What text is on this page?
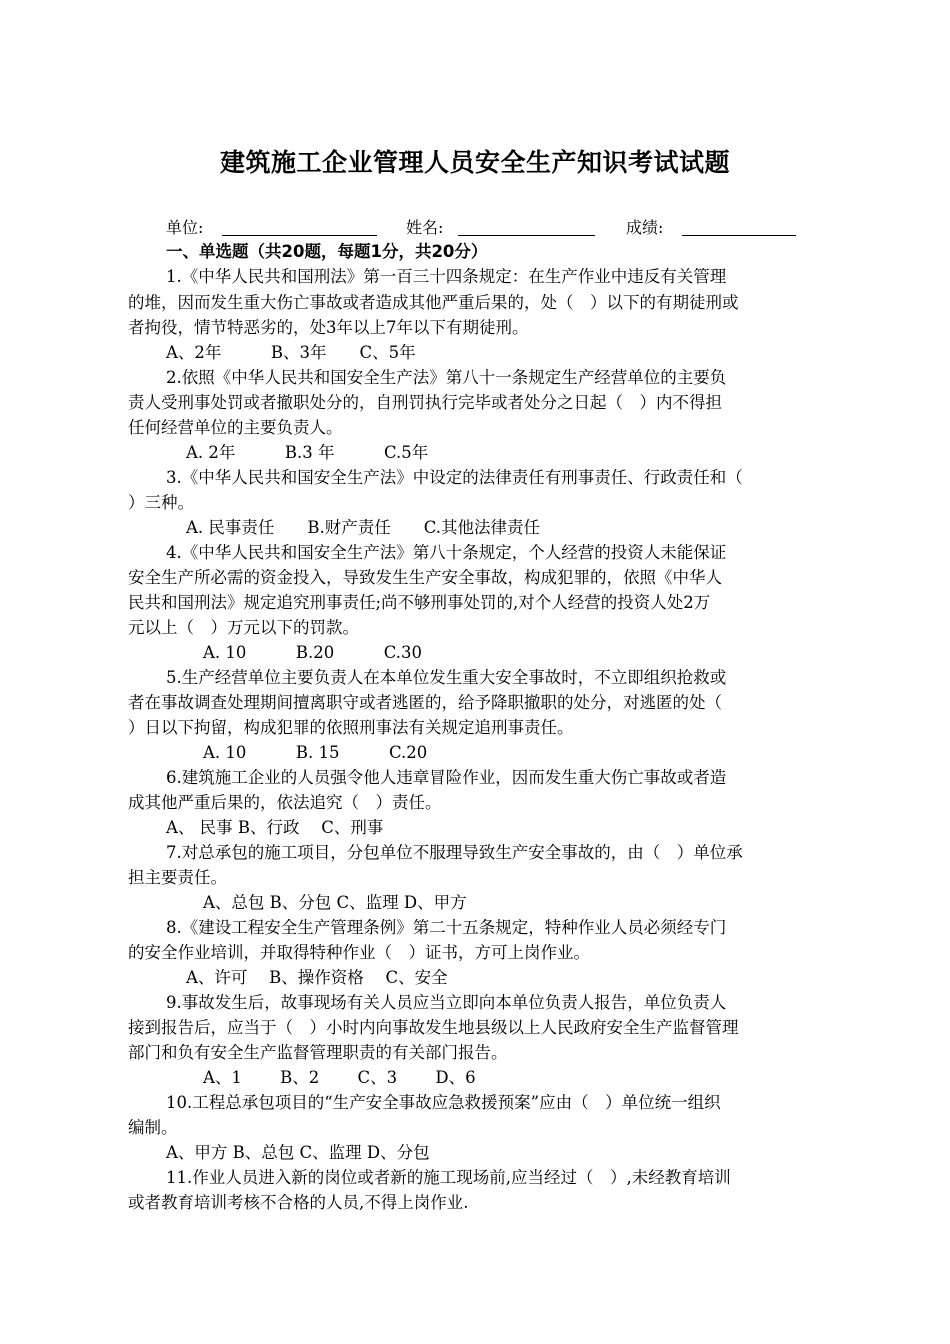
建筑施工企业管理人员安全生产知识考试试题
单位:	姓名:	成绩:
一、单选题（共20题，每题1分，共20分）
1.《中华人民共和国刑法》第一百三十四条规定：在生产作业中违反有关管理
的堆，因而发生重大伤亡事故或者造成其他严重后果的，处（　）以下的有期徒刑或
者拘役，情节特恶劣的，处3年以上7年以下有期徒刑。
A、2年　　　B、3年　　C、5年
2.依照《中华人民共和国安全生产法》第八十一条规定生产经营单位的主要负
责人受刑事处罚或者撤职处分的，自刑罚执行完毕或者处分之日起（　）内不得担
任何经营单位的主要负责人。
A. 2年　　　B.3 年　　　C.5年
3.《中华人民共和国安全生产法》中设定的法律责任有刑事责任、行政责任和（
）三种。
A. 民事责任　　B.财产责任　　C.其他法律责任
4.《中华人民共和国安全生产法》第八十条规定，个人经营的投资人未能保证
安全生产所必需的资金投入，导致发生生产安全事故，构成犯罪的，依照《中华人
民共和国刑法》规定追究刑事责任;尚不够刑事处罚的,对个人经营的投资人处2万
元以上（　）万元以下的罚款。
A. 10　　　B.20　　　C.30
5.生产经营单位主要负责人在本单位发生重大安全事故时，不立即组织抢救或
者在事故调查处理期间擅离职守或者逃匿的，给予降职撤职的处分，对逃匿的处（
）日以下拘留，构成犯罪的依照刑事法有关规定追刑事责任。
A. 10　　　B. 15　　　C.20
6.建筑施工企业的人员强令他人违章冒险作业，因而发生重大伤亡事故或者造
成其他严重后果的，依法追究（　）责任。
A、 民事 B、行政　 C、刑事
7.对总承包的施工项目，分包单位不服理导致生产安全事故的，由（　）单位承
担主要责任。
A、总包 B、分包 C、监理 D、甲方
8.《建设工程安全生产管理条例》第二十五条规定，特种作业人员必须经专门
的安全作业培训，并取得特种作业（　）证书，方可上岗作业。
A、许可　 B、操作资格　 C、安全
9.事故发生后，故事现场有关人员应当立即向本单位负责人报告，单位负责人
接到报告后，应当于（　）小时内向事故发生地县级以上人民政府安全生产监督管理
部门和负有安全生产监督管理职责的有关部门报告。
A、1　　 B、2　　 C、3　　 D、6
10.工程总承包项目的“生产安全事故应急救援预案”应由（　）单位统一组织
编制。
A、甲方 B、总包 C、监理 D、分包
11.作业人员进入新的岗位或者新的施工现场前,应当经过（　）,未经教育培训
或者教育培训考核不合格的人员,不得上岗作业.
